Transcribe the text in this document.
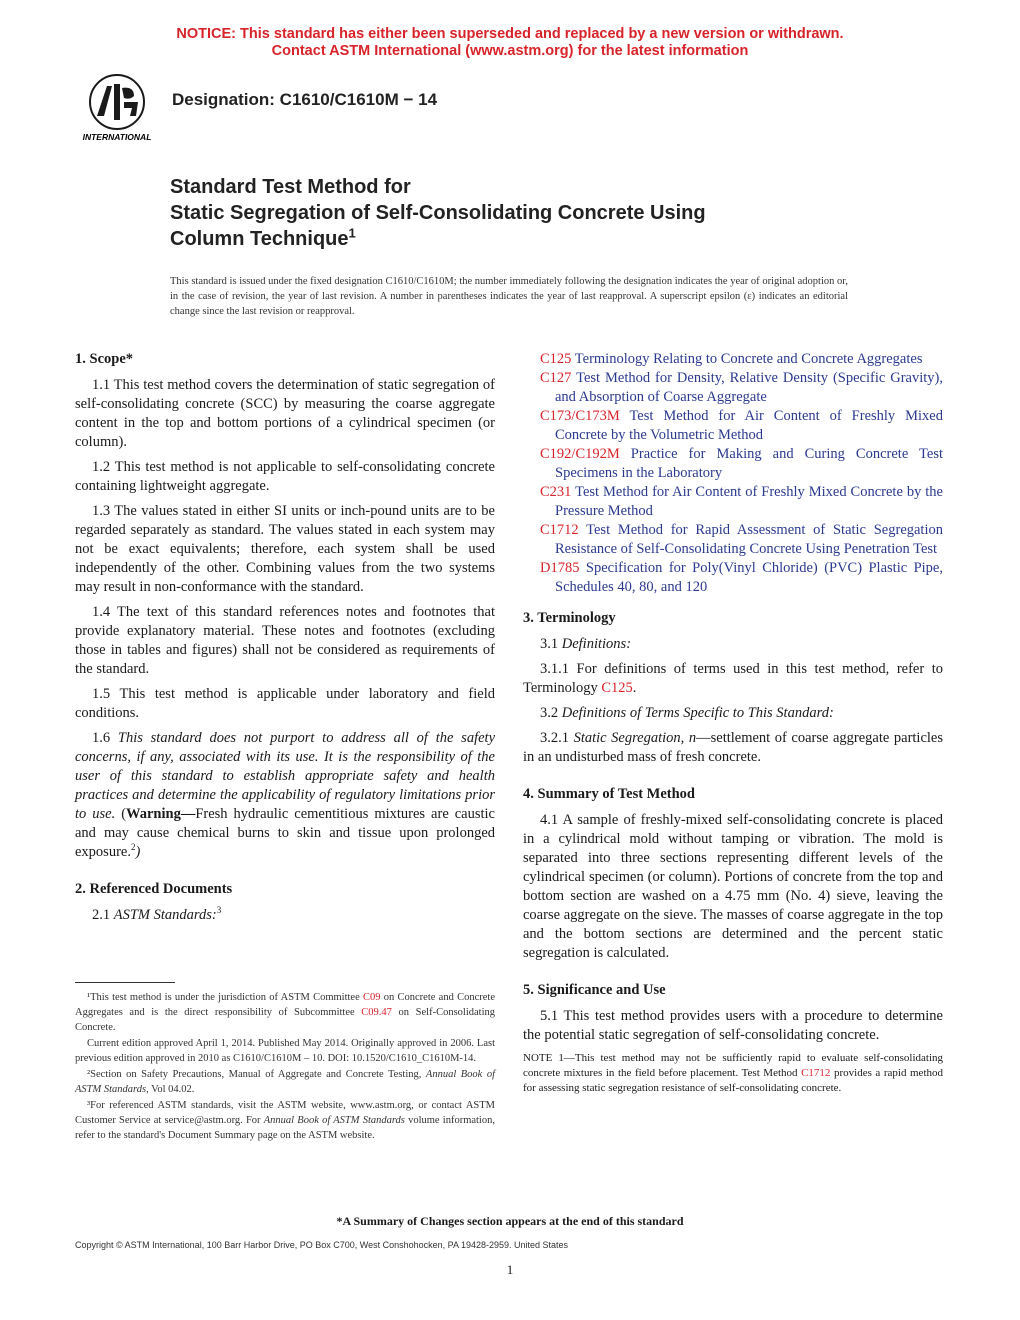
NOTICE: This standard has either been superseded and replaced by a new version or withdrawn.
Contact ASTM International (www.astm.org) for the latest information
INTERNATIONAL
Designation: C1610/C1610M − 14
Standard Test Method for
Static Segregation of Self-Consolidating Concrete Using
Column Technique$^1$
This standard is issued under the fixed designation C1610/C1610M; the number immediately following the designation indicates the year of original adoption or, in the case of revision, the year of last revision. A number in parentheses indicates the year of last reapproval. A superscript epsilon (ε) indicates an editorial change since the last revision or reapproval.
1. Scope*

1.1 This test method covers the determination of static segregation of self-consolidating concrete (SCC) by measuring the coarse aggregate content in the top and bottom portions of a cylindrical specimen (or column).

1.2 This test method is not applicable to self-consolidating concrete containing lightweight aggregate.

1.3 The values stated in either SI units or inch-pound units are to be regarded separately as standard. The values stated in each system may not be exact equivalents; therefore, each system shall be used independently of the other. Combining values from the two systems may result in non-conformance with the standard.

1.4 The text of this standard references notes and footnotes that provide explanatory material. These notes and footnotes (excluding those in tables and figures) shall not be considered as requirements of the standard.

1.5 This test method is applicable under laboratory and field conditions.

1.6 This standard does not purport to address all of the safety concerns, if any, associated with its use. It is the responsibility of the user of this standard to establish appropriate safety and health practices and determine the applicability of regulatory limitations prior to use. (Warning—Fresh hydraulic cementitious mixtures are caustic and may cause chemical burns to skin and tissue upon prolonged exposure.$^2$)

2. Referenced Documents

2.1 ASTM Standards:$^3$

¹This test method is under the jurisdiction of ASTM Committee C09 on Concrete and Concrete Aggregates and is the direct responsibility of Subcommittee C09.47 on Self-Consolidating Concrete.

Current edition approved April 1, 2014. Published May 2014. Originally approved in 2006. Last previous edition approved in 2010 as C1610/C1610M – 10. DOI: 10.1520/C1610_C1610M-14.

²Section on Safety Precautions, Manual of Aggregate and Concrete Testing, Annual Book of ASTM Standards, Vol 04.02.

³For referenced ASTM standards, visit the ASTM website, www.astm.org, or contact ASTM Customer Service at service@astm.org. For Annual Book of ASTM Standards volume information, refer to the standard's Document Summary page on the ASTM website.

C125 Terminology Relating to Concrete and Concrete Aggregates
C127 Test Method for Density, Relative Density (Specific Gravity), and Absorption of Coarse Aggregate
C173/C173M Test Method for Air Content of Freshly Mixed Concrete by the Volumetric Method
C192/C192M Practice for Making and Curing Concrete Test Specimens in the Laboratory
C231 Test Method for Air Content of Freshly Mixed Concrete by the Pressure Method
C1712 Test Method for Rapid Assessment of Static Segregation Resistance of Self-Consolidating Concrete Using Penetration Test
D1785 Specification for Poly(Vinyl Chloride) (PVC) Plastic Pipe, Schedules 40, 80, and 120
3. Terminology

3.1 Definitions:

3.1.1 For definitions of terms used in this test method, refer to Terminology C125.

3.2 Definitions of Terms Specific to This Standard:

3.2.1 Static Segregation, n—settlement of coarse aggregate particles in an undisturbed mass of fresh concrete.

4. Summary of Test Method

4.1 A sample of freshly-mixed self-consolidating concrete is placed in a cylindrical mold without tamping or vibration. The mold is separated into three sections representing different levels of the cylindrical specimen (or column). Portions of concrete from the top and bottom section are washed on a 4.75 mm (No. 4) sieve, leaving the coarse aggregate on the sieve. The masses of coarse aggregate in the top and the bottom sections are determined and the percent static segregation is calculated.

5. Significance and Use

5.1 This test method provides users with a procedure to determine the potential static segregation of self-consolidating concrete.

NOTE 1—This test method may not be sufficiently rapid to evaluate self-consolidating concrete mixtures in the field before placement. Test Method C1712 provides a rapid method for assessing static segregation resistance of self-consolidating concrete.

*A Summary of Changes section appears at the end of this standard
Copyright © ASTM International, 100 Barr Harbor Drive, PO Box C700, West Conshohocken, PA 19428-2959. United States
1
